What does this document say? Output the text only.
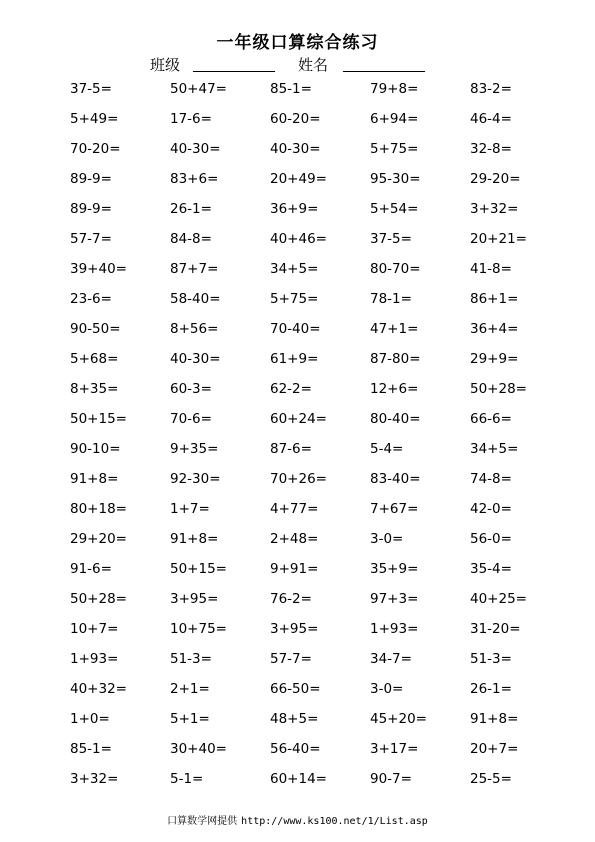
一年级口算综合练习
班级	姓名
37-5=	50+47=	85-1=	79+8=	83-2=
5+49=	17-6=	60-20=	6+94=	46-4=
70-20=	40-30=	40-30=	5+75=	32-8=
89-9=	83+6=	20+49=	95-30=	29-20=
89-9=	26-1=	36+9=	5+54=	3+32=
57-7=	84-8=	40+46=	37-5=	20+21=
39+40=	87+7=	34+5=	80-70=	41-8=
23-6=	58-40=	5+75=	78-1=	86+1=
90-50=	8+56=	70-40=	47+1=	36+4=
5+68=	40-30=	61+9=	87-80=	29+9=
8+35=	60-3=	62-2=	12+6=	50+28=
50+15=	70-6=	60+24=	80-40=	66-6=
90-10=	9+35=	87-6=	5-4=	34+5=
91+8=	92-30=	70+26=	83-40=	74-8=
80+18=	1+7=	4+77=	7+67=	42-0=
29+20=	91+8=	2+48=	3-0=	56-0=
91-6=	50+15=	9+91=	35+9=	35-4=
50+28=	3+95=	76-2=	97+3=	40+25=
10+7=	10+75=	3+95=	1+93=	31-20=
1+93=	51-3=	57-7=	34-7=	51-3=
40+32=	2+1=	66-50=	3-0=	26-1=
1+0=	5+1=	48+5=	45+20=	91+8=
85-1=	30+40=	56-40=	3+17=	20+7=
3+32=	5-1=	60+14=	90-7=	25-5=
口算数学网提供 http://www.ks100.net/1/List.asp
